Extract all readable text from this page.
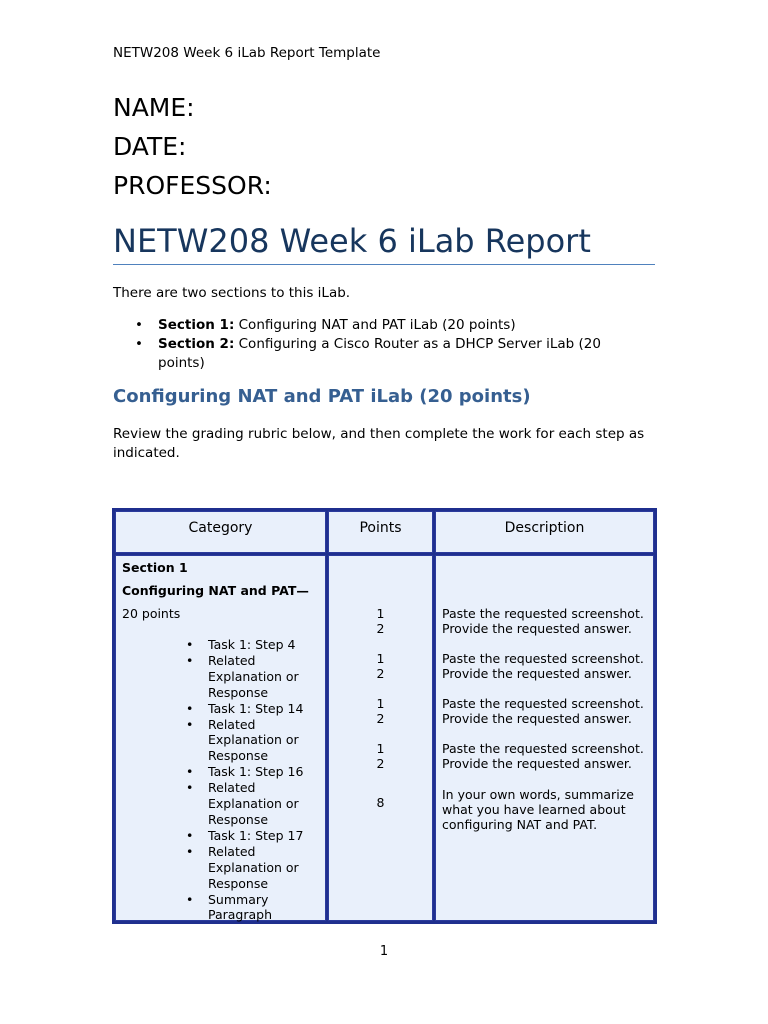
NETW208 Week 6 iLab Report Template
NAME:
DATE:
PROFESSOR:
NETW208 Week 6 iLab Report
There are two sections to this iLab.
• Section 1: Configuring NAT and PAT iLab (20 points)
• Section 2: Configuring a Cisco Router as a DHCP Server iLab (20 points)
Configuring NAT and PAT iLab (20 points)
Review the grading rubric below, and then complete the work for each step as indicated.
Category	Points	Description
Section 1
Configuring NAT and PAT—
20 points
• Task 1: Step 4
• Related Explanation or Response
• Task 1: Step 14
• Related Explanation or Response
• Task 1: Step 16
• Related Explanation or Response
• Task 1: Step 17
• Related Explanation or Response
• Summary Paragraph
1
2
1
2
1
2
1
2
8
Paste the requested screenshot.
Provide the requested answer.
Paste the requested screenshot.
Provide the requested answer.
Paste the requested screenshot.
Provide the requested answer.
Paste the requested screenshot.
Provide the requested answer.
In your own words, summarize what you have learned about configuring NAT and PAT.
1
